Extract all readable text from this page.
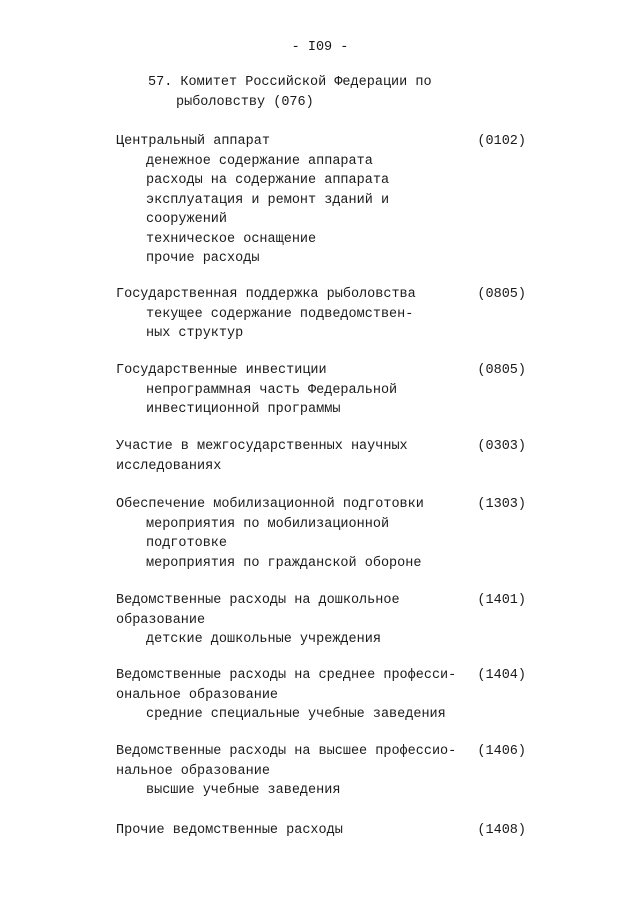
- I09 -
57. Комитет Российской Федерации по
рыболовству (076)
Центральный аппарат	(0102)
денежное содержание аппарата
расходы на содержание аппарата
эксплуатация и ремонт зданий и
сооружений
техническое оснащение
прочие расходы
Государственная поддержка рыболовства	(0805)
текущее содержание подведомствен-
ных структур
Государственные инвестиции	(0805)
непрограммная часть Федеральной
инвестиционной программы
Участие в межгосударственных научных	(0303)
исследованиях
Обеспечение мобилизационной подготовки	(1303)
мероприятия по мобилизационной
подготовке
мероприятия по гражданской обороне
Ведомственные расходы на дошкольное	(1401)
образование
детские дошкольные учреждения
Ведомственные расходы на среднее професси-	(1404)
ональное образование
средние специальные учебные заведения
Ведомственные расходы на высшее профессио-	(1406)
нальное образование
высшие учебные заведения
Прочие ведомственные расходы	(1408)
